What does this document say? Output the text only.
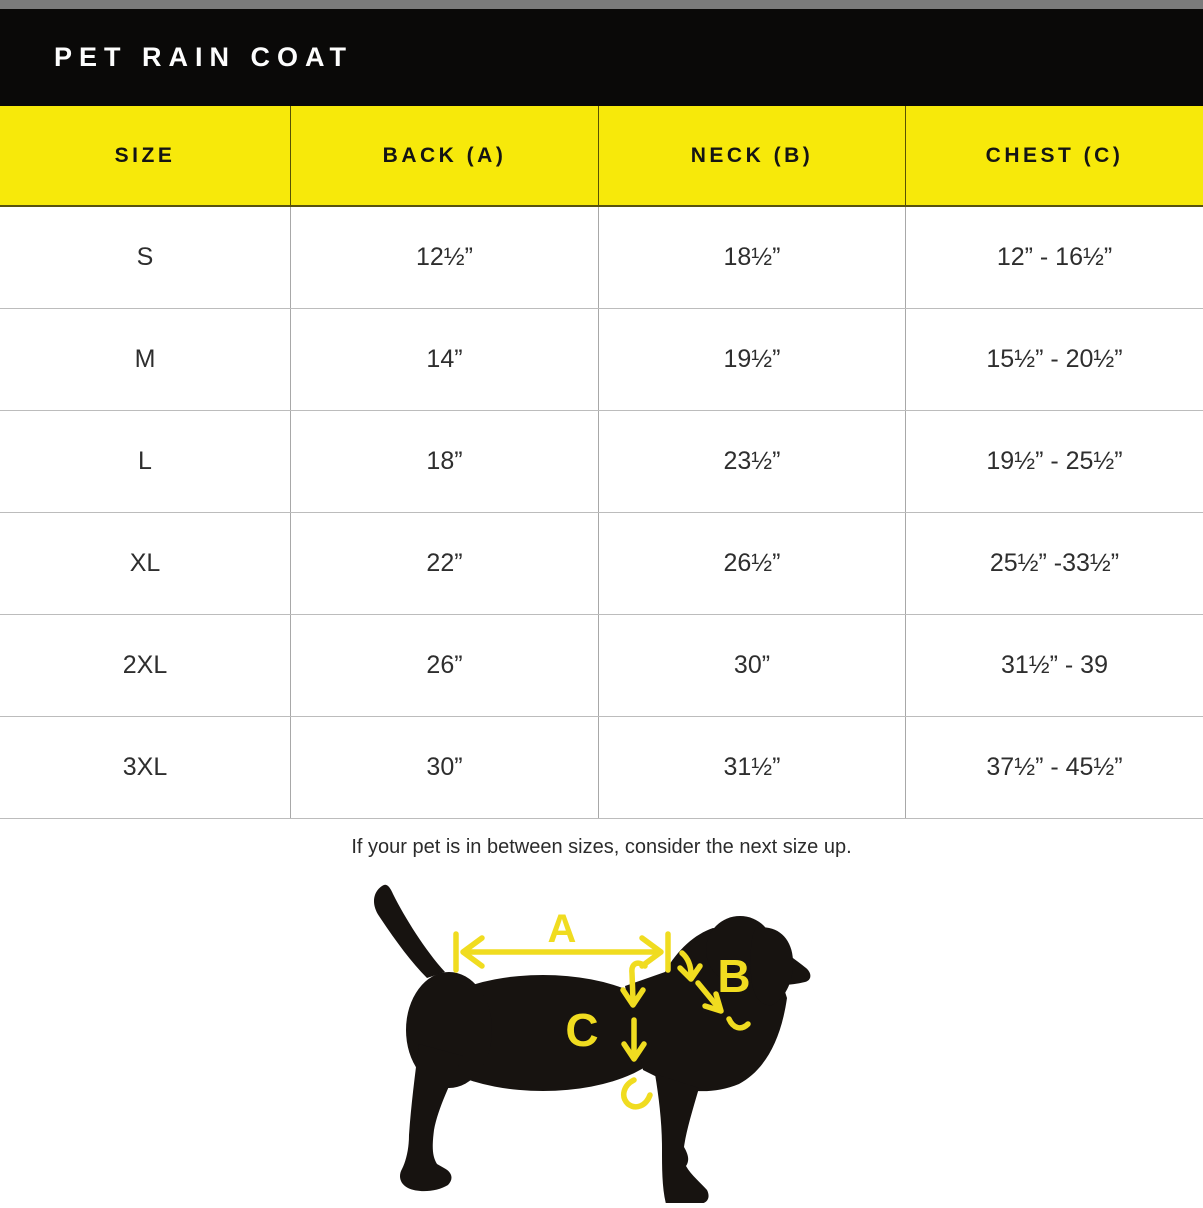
PET RAIN COAT
SIZE	BACK (A)	NECK (B)	CHEST (C)
S	12½”	18½”	12” - 16½”
M	14”	19½”	15½” - 20½”
L	18”	23½”	19½” - 25½”
XL	22”	26½”	25½” -33½”
2XL	26”	30”	31½” - 39
3XL	30”	31½”	37½” - 45½”
If your pet is in between sizes, consider the next size up.
A
B
C
